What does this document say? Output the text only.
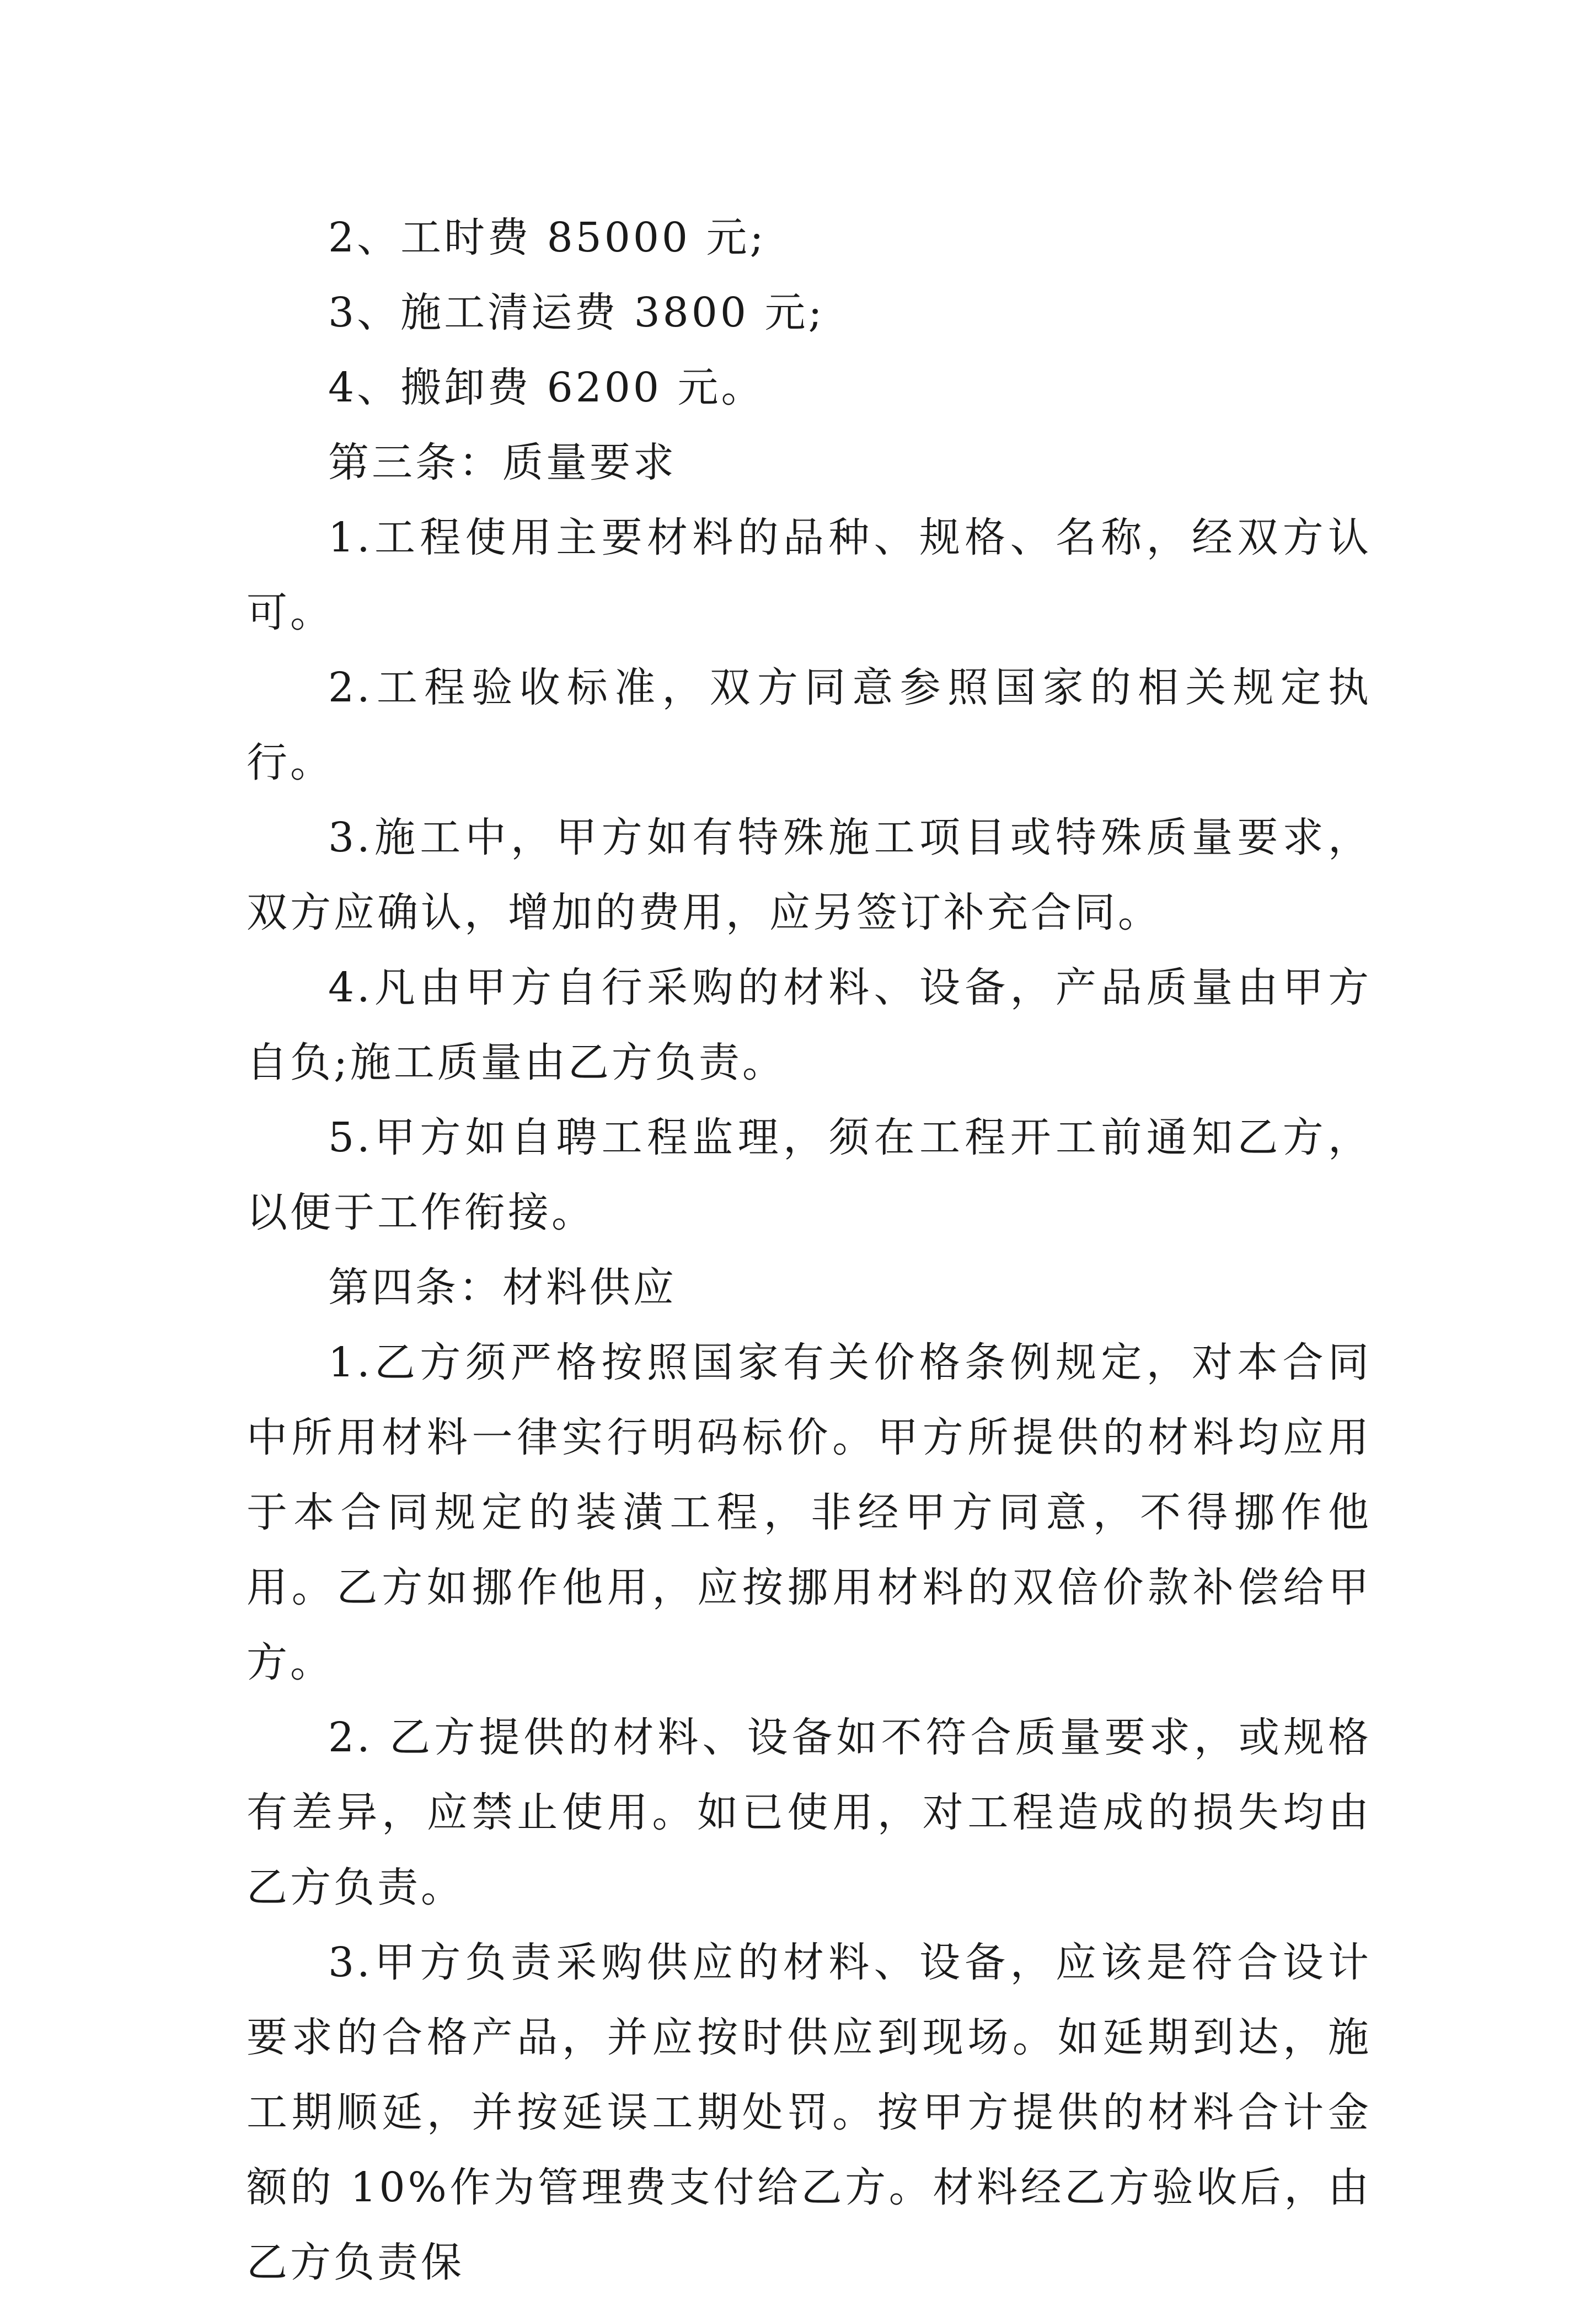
2、工时费 85000 元;

3、施工清运费 3800 元;

4、搬卸费 6200 元。

第三条：质量要求

1.工程使用主要材料的品种、规格、名称，经双方认可。

2.工程验收标准，双方同意参照国家的相关规定执行。

3.施工中，甲方如有特殊施工项目或特殊质量要求，双方应确认，增加的费用，应另签订补充合同。

4.凡由甲方自行采购的材料、设备，产品质量由甲方自负;施工质量由乙方负责。

5.甲方如自聘工程监理，须在工程开工前通知乙方，以便于工作衔接。

第四条：材料供应

1.乙方须严格按照国家有关价格条例规定，对本合同中所用材料一律实行明码标价。甲方所提供的材料均应用于本合同规定的装潢工程，非经甲方同意，不得挪作他用。乙方如挪作他用，应按挪用材料的双倍价款补偿给甲方。

2. 乙方提供的材料、设备如不符合质量要求，或规格有差异，应禁止使用。如已使用，对工程造成的损失均由乙方负责。

3.甲方负责采购供应的材料、设备，应该是符合设计要求的合格产品，并应按时供应到现场。如延期到达，施工期顺延，并按延误工期处罚。按甲方提供的材料合计金额的 10%作为管理费支付给乙方。材料经乙方验收后，由乙方负责保
